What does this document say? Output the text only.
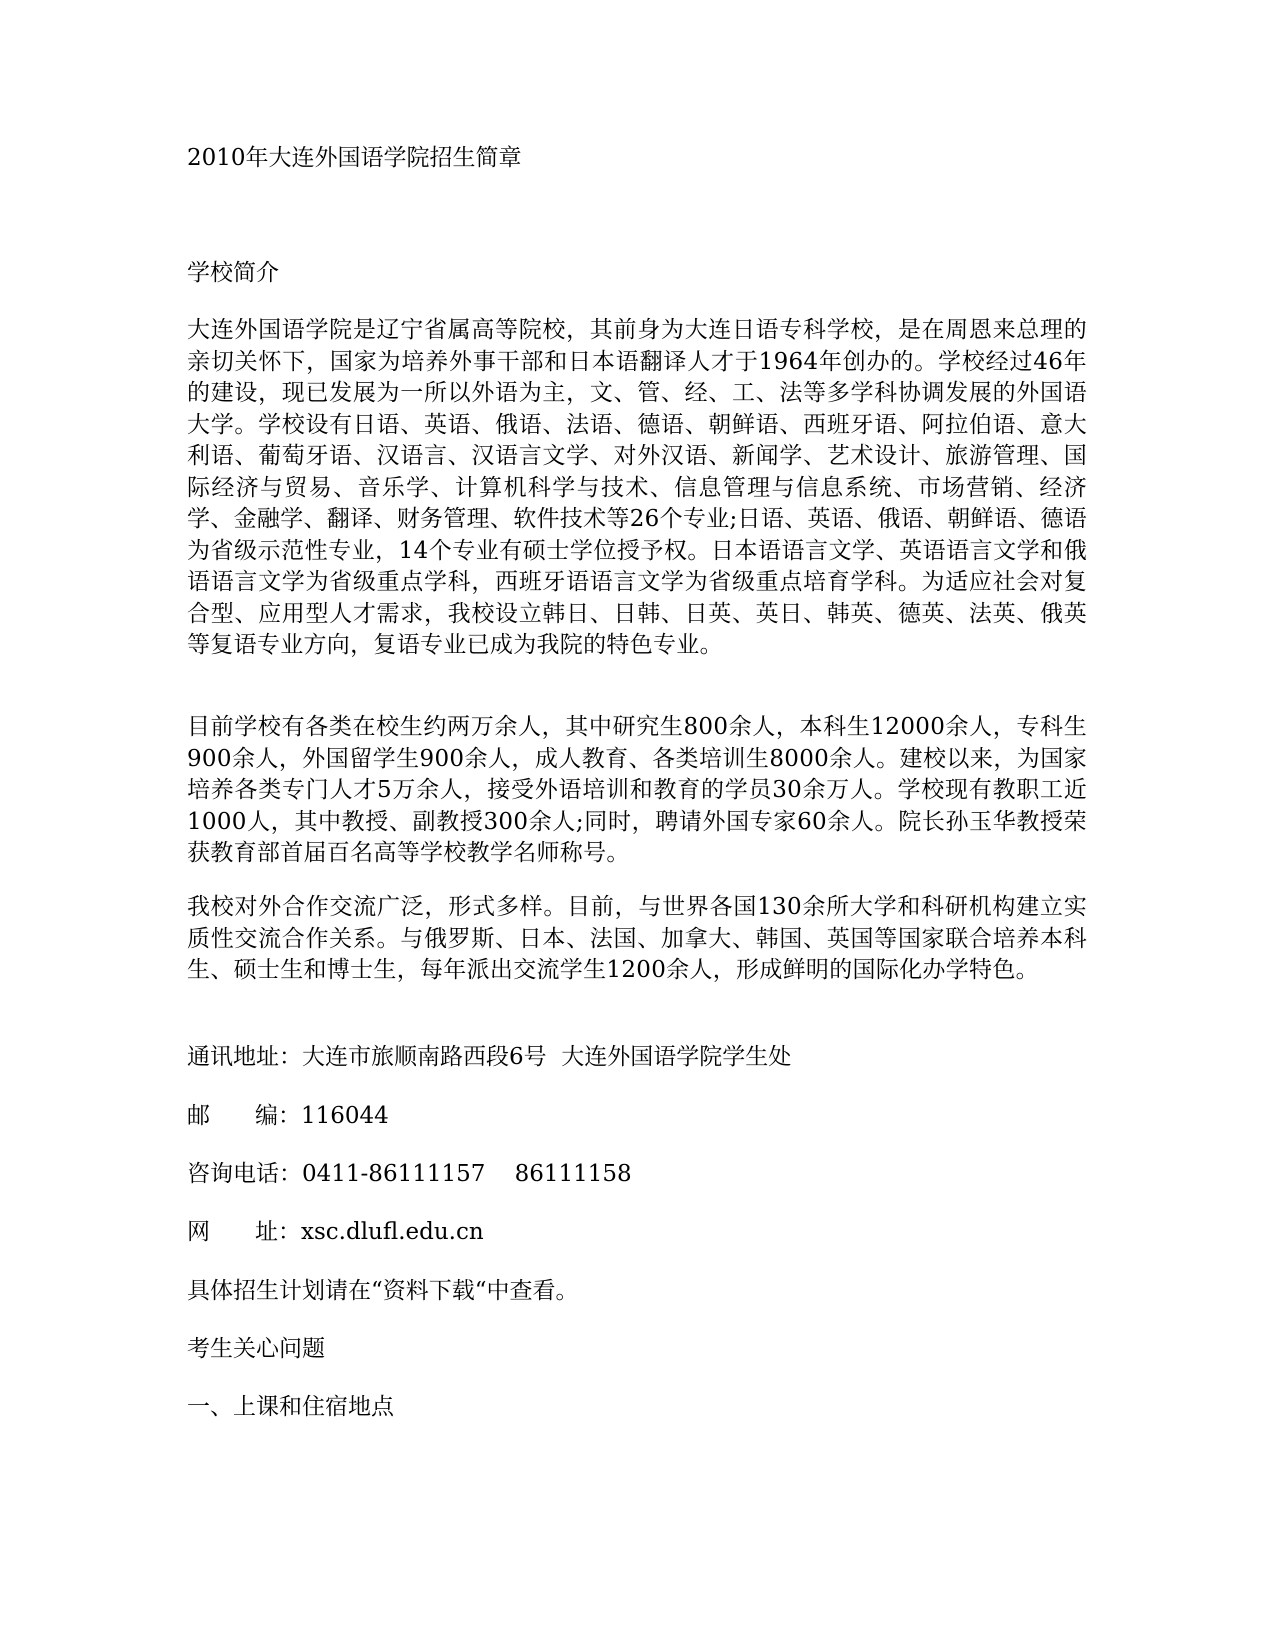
2010年大连外国语学院招生简章
学校简介
大连外国语学院是辽宁省属高等院校，其前身为大连日语专科学校，是在周恩来总理的亲切关怀下，国家为培养外事干部和日本语翻译人才于1964年创办的。学校经过46年的建设，现已发展为一所以外语为主，文、管、经、工、法等多学科协调发展的外国语大学。学校设有日语、英语、俄语、法语、德语、朝鲜语、西班牙语、阿拉伯语、意大利语、葡萄牙语、汉语言、汉语言文学、对外汉语、新闻学、艺术设计、旅游管理、国际经济与贸易、音乐学、计算机科学与技术、信息管理与信息系统、市场营销、经济学、金融学、翻译、财务管理、软件技术等26个专业;日语、英语、俄语、朝鲜语、德语为省级示范性专业，14个专业有硕士学位授予权。日本语语言文学、英语语言文学和俄语语言文学为省级重点学科，西班牙语语言文学为省级重点培育学科。为适应社会对复合型、应用型人才需求，我校设立韩日、日韩、日英、英日、韩英、德英、法英、俄英等复语专业方向，复语专业已成为我院的特色专业。
目前学校有各类在校生约两万余人，其中研究生800余人，本科生12000余人，专科生900余人，外国留学生900余人，成人教育、各类培训生8000余人。建校以来，为国家培养各类专门人才5万余人，接受外语培训和教育的学员30余万人。学校现有教职工近1000人，其中教授、副教授300余人;同时，聘请外国专家60余人。院长孙玉华教授荣获教育部首届百名高等学校教学名师称号。
我校对外合作交流广泛，形式多样。目前，与世界各国130余所大学和科研机构建立实质性交流合作关系。与俄罗斯、日本、法国、加拿大、韩国、英国等国家联合培养本科生、硕士生和博士生，每年派出交流学生1200余人，形成鲜明的国际化办学特色。
通讯地址：大连市旅顺南路西段6号  大连外国语学院学生处
邮	编： 116044
咨询电话：0411-86111157    86111158
网	址： xsc.dlufl.edu.cn
具体招生计划请在“资料下载“中查看。
考生关心问题
一、上课和住宿地点
